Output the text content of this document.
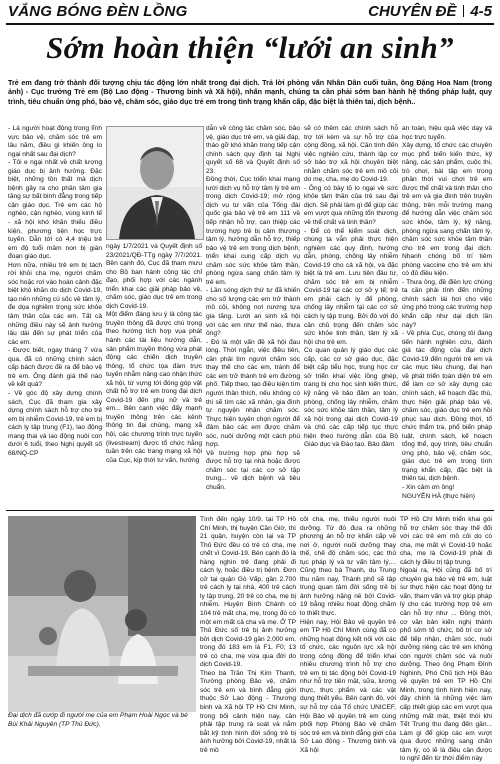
VẮNG BÓNG ĐÈN LỒNG	CHUYÊN ĐỀ 4-5
Sớm hoàn thiện “lưới an sinh”
Trẻ em đang trở thành đối tượng chịu tác động lớn nhất trong đại dịch. Trả lời phỏng vấn Nhân Dân cuối tuần, ông Đặng Hoa Nam (trong ảnh) - Cục trưởng Trẻ em (Bộ Lao động - Thương binh và Xã hội), nhấn mạnh, chúng ta cần phải sớm ban hành hệ thống pháp luật, quy trình, tiêu chuẩn ứng phó, bảo vệ, chăm sóc, giáo dục trẻ em trong tình trạng khẩn cấp, đặc biệt là thiên tai, dịch bệnh..

- Lá người hoạt động trong lĩnh vực bảo vệ, chăm sóc trẻ em lâu năm, điều gì khiến ông lo ngại nhất sau đại dịch?
- Tôi e ngại nhất về chất lượng giáo dục bị ảnh hưởng. Đặc biệt, những tồn thất mà dịch bệnh gây ra cho phần tâm gia tăng sự bất bình đẳng trong tiếp cận giáo dục. Trẻ em các hộ nghèo, cận nghèo, vùng kinh tế - xã hội khó khăn thiếu điều kiện, phương tiện học trực tuyến. Dẫn tới có 4,4 triệu trẻ em độ tuổi mầm non bị gián đoạn giáo dục.
Hơn nữa, nhiều trẻ em bị tách rời khỏi cha mẹ, người chăm sóc hoặc rơi vào hoàn cảnh đặc biệt khó khăn do dịch Covid-19, tạo nên những cú sốc về tâm lý, đe dọa nghiêm trọng sức khỏe tâm thần của các em. Tất cả những điều này sẽ ảnh hưởng lâu dài đến sự phát triển của các em.
- Được biết, ngay tháng 7 vừa qua, đã có những chính sách cấp bách được đề ra để bảo vệ trẻ em. Ông đánh giá thế nào về kết quả?
- Về góc độ xây dựng chính sách, Cục đã tham gia xây dựng chính sách hỗ trợ cho trẻ em bị nhiễm Covid-19, trẻ em bị cách ly tập trung (F1), lao động mang thai và lao động nuôi con dưới 6 tuổi, theo Nghị quyết số 68/NQ-CP

ngày 1/7/2021 và Quyết định số 23/2021/QĐ-TTg ngày 7/7/2021. Bên cạnh đó, Cục đã tham mưu cho Bộ ban hành công tác chỉ đạo, phối hợp với các ngành triển khai các giải pháp bảo vệ, chăm sóc, giáo dục trẻ em trong dịch Covid-19.
Một điểm đáng lưu ý là công tác truyền thông đã được chú trọng theo hướng tích hợp vụa phát hành các tài liệu hướng dẫn, sản phẩm truyền thông vừa phát động các chiến dịch truyền thông, tổ chức tọa đàm trực tuyến nhằm nâng cao nhận thức xã hội, từ vựng tới đóng góp vật chất hỗ trợ trẻ em trong đại dịch Covid-19 đến phụ nữ và trẻ em... Bên cạnh việc đẩy mạnh truyền thông trên các kênh thông tin đại chúng, mạng xã hội, các chương trình trực tuyến (livestream) được tổ chức hằng tuần trên các trang mạng xã hội của Cục, kịp thời tư vấn, hướng

dẫn về công tác chăm sóc, bảo vệ, giáo dục trẻ em, và giải đáp, tháo gỡ khó khăn trong tiếp cận chính sách quy định tại Nghị quyết số 68 và Quyết định số 23.
Đồng thời, Cục triển khai mạng lưới dịch vụ hỗ trợ tâm lý trẻ em trong dịch Covid-19; mở rộng dịch vụ tư vấn của Tổng đài quốc gia bảo vệ trẻ em 111 về tiếp nhận hỗ trợ, can thiệp các trường hợp trẻ bị cảm thương tâm lý, hướng dẫn hỗ trợ, thiếp bảo vệ trẻ em trong dịch bệnh; triển khai cung cấp dịch vụ chăm sóc sức khỏe tâm thần, phòng ngừa sang chấn tâm lý trẻ em.
- Lần sóng dịch thứ tư đã khiến cho số lượng các em trở thành mồ côi, không nơi nương tựa gia tăng. Lưới an sinh xã hội với các em như thế nào, thưa ông?
- Đó là một vấn đề xã hội đau lòng. Thời ngắn, việc điều tiên, cần phải tìm người chăm sóc thay thế cho các em, tránh để các em trở thành trẻ em đường phố. Tiếp theo, tạo điều kiện tìm người thân thích, nếu không có thì sẽ tìm các xã nhân, gia đình tự nguyện nhận chăm sóc. Thực hiện tuyên chọn người để đảm bảo các em được chăm sóc, nuôi dưỡng một cách phù hợp.
Về trường hợp phù hợp sẽ được hỗ trợ tại nhà hoặc được chăm sóc tại các cơ sở tập trung... về dịch bệnh và tiêu chuẩn.

sẽ có thêm các chính sách hỗ trợ tới kèm và sự hỗ trợ của cộng đồng, xã hội. Cần tính đến việc nghiên cứu, thành lập cơ sở bảo trợ xã hội chuyên biệt nhằm chăm sóc trẻ em mồ côi do mẹ, cha, mẹ do Covid-19.
- Ông có bày tỏ lo ngại về sức khỏe tâm thần của trẻ sau đại dịch. Sẽ phải làm gì để giúp các em vượt qua những tổn thương về thể chất và tinh thần?
- Để có thể kiểm soát dịch, chúng ta vẫn phải thực hiện nghiêm các quy định, hướng dẫn, phòng, chống lây nhiễm Covid-19 cho cả xã hội, và đặc biệt là trẻ em. Lưu tiên đầu tư, chăm sóc trẻ em bị nhiễm Covid-19 tại các cơ sở y tế; trẻ em phải cách ly để phòng, chống lây nhiễm tại các cơ sở cách ly tập trung. Bởi đó với đó cần chủ trọng đến chăm sóc sức khỏe tinh thần, tâm lý xã hội cho trẻ em.
Co quan quản lý giáo dục các cấp, các cơ sở giáo dục, đặc biệt cấp tiểu học, trung học cơ sở triển khai việc lồng ghép, trang bị cho học sinh kiến thức, kỹ năng về bảo đảm an toàn, phòng, chống lây nhiễm, chăm sóc sức khỏe tâm thần, tâm lý xã hội trong dại dịch Covid-19 và chủ các cấp tiếp tục thực hiện theo hướng dẫn của Bộ Giáo dục và Đào tạo. Bảo đảm

an toàn, hiệu quả việc dạy và học trực tuyến.
Xây dựng, tổ chức các chuyên mục phổ biến kiến thức, kỹ năng, các sản phẩm, cuộc thi, trò chơi, bài tập em trong phần thời vui chơi trẻ em được thể chất và tinh thần cho trẻ em và gia đình trên truyền thông, trên mỗi trường mạng để hướng dẫn việc chăm sóc sức khỏe, tâm lý, kỹ năng, phòng ngừa sang chấn tâm lý, chăm sóc sức khỏe tâm thần cho trẻ em trong đại dịch. Nhanh chóng bố trí tiêm phòng vaccine cho trẻ em khi có đủ điều kiện.
- Thưa ông, đề điền lực chúng ta cần phải tính đến những chính sách lái hơi cho việc ứng phó trong các trường hợp khẩn cấp như dại dịch lần này?
- Về phía Cục, chúng tôi đang tiến hành nghiên cứu, đánh giá tác động của đại dịch Covid-19 đến người trẻ em và các mục tiêu chung, đại hạn về phát triển toàn diện trẻ em để làm cơ sở xây dựng các chính sách, kế hoạch đặc thù, thực hiện giải pháp bảo vệ, chăm sóc, giáo dục trẻ em hồi phục sau dịch. Đồng thời, tổ chức thẩm tra, phổ biến pháp luật, chính sách, kế hoạch tổng thể, quy trình, tiêu chuẩn ứng phó, bảo vệ, chăm sóc, giáo dục trẻ em trong tình trạng khẩn cấp, đặc biệt là thiên tai, dịch bệnh.
- Xin cảm ơn ông!
NGUYỄN HÀ (thực hiện)

Đại dịch đã cướp đi người mẹ của em Phạm Hoài Ngọc và bé Bùi Khải Nguyên (TP Thủ Đức).

Tính đến ngày 10/9, tại TP Hồ Chí Minh, thị huyện Cần Giờ, thì 21 quận, huyện còn lại và TP Thủ Đức đều có trẻ có cha, mẹ chết vì Covid-19. Bên cạnh đó là hàng nghìn trẻ đang phải đi cách ly, hoặc điều trị bệnh. Đơn cử tại quận Gò Vấp, gần 2.700 trẻ cách ly tại nhà, 400 trẻ cách ly tập trung, 20 trẻ có cha, mẹ bị nhiễm. Huyện Bình Chánh có 104 trẻ mất cha, mẹ, trong đó có một em mất cả cha và mẹ. Ở TP Thủ Đức số trẻ bị ảnh hưởng bởi dịch Covid-19 gần 2.000 em, trong đó 183 em là F1, F0; 13 trẻ có cha, mẹ vừa qua đời do dịch Covid-19.
Theo bà Trần Thị Kim Thanh, Trưởng phòng Bảo vệ, chăm sóc trẻ em và bình đẳng giới thuộc Sở Lao động - Thương binh và Xã hội TP Hồ Chí Minh, trong bối cảnh hiện nay, cần phải tập trung rà soát và nắm bắt kỹ tình hình đời sống trẻ bị ảnh hưởng bởi Covid-19, nhất là trẻ mồ

côi cha, mẹ, thiếu người nuôi dưỡng. Từ đó đưa ra những phương án hỗ trợ khẩn cấp về nơi ở, người nuôi dưỡng thay thế, chế độ chăm sóc, các thủ tục pháp lý và tư vấn tâm lý,... Cũng theo bà Thanh, du Trung thu năm nay, Thành phố sẽ tập trung quan tâm đời sống trẻ bị ảnh hưởng nặng nề bởi Covid-19 bằng nhiều hoạt động chăm lo thiết thực.
Hiện nay, Hội Bảo vệ quyền trẻ em TP Hồ Chí Minh cùng đã có những hoạt động kết nối với các tổ chức, các nguồn lực xã hội trong công đồng để triển khai nhiều chương trình hỗ trợ cho trẻ em bị tác động bởi Covid-19 như hỗ trợ tiền mặt, sữa, lương thực, thực phẩm và các vật dụng thiết yếu. Bên cạnh đó, với sự hỗ trợ của Tổ chức UNICEF, Hội Bảo vệ quyền trẻ em cùng phối hợp Phòng Bảo vệ chăm sóc trẻ em và bình đẳng giới của Sở Lao động - Thương binh và Xã hội

TP Hồ Chí Minh triển khai gói hỗ trợ chăm sóc thay thế đối với các trẻ em mồ côi do có cha, mẹ mất vì Covid-19 hoặc cha, mẹ là Covid-19 phải đi cách ly điều trị tập trung.
Ngoài ra, Hội cũng đã bố trí chuyên gia bảo vệ trẻ em, luật sư thực hiện các hoạt động tư vấn, tham vấn và trợ giúp pháp lý cho các trường hợp trẻ em cần hỗ trợ như ... Đồng thời, cơ văn bản kiến nghị thành phố sớm tổ chức, bố trí cơ sở để tiếp nhận, chăm sóc, nuôi dưỡng riêng các trẻ em không còn người chăm sóc và nuôi dưỡng. Theo ông Phạm Đình Nghinh, Phó Chủ tịch Hội Bảo vệ quyền trẻ em TP Hồ Chí Minh, trong tình hình hiện nay, đây chính là những việc làm cấp thiết giúp các em vượt qua những mất mát, thiệt thòi khi Tết Trung thu đang đến gần... Làm gì để giúp các em vượt qua được những sang chấn tâm lý, có lẽ là điều cần được lo nghĩ đến từ thời điểm này
